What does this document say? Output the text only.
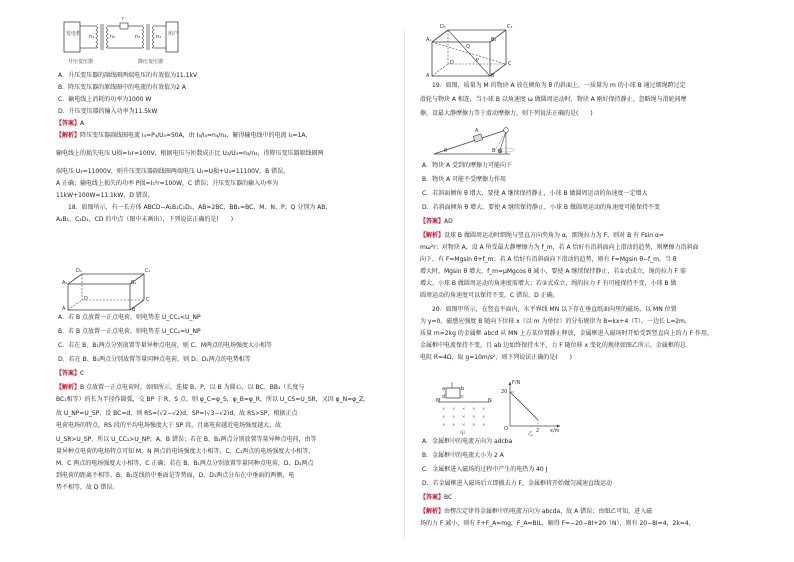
发电机 n₁	n₂
r
n₃	n₄ 用户
升压变压器	降压变压器
A．升压变压器的副线圈两端电压的有效值为11.1kV
B．降压变压器的原线圈中的电流的有效值为2 A
C．输电线上消耗的功率为1000 W
D．升压变压器的输入功率为11.5kW
【答案】A
【解析】降压变压器副线圈电流 I₄=P₄/U₄=50A，由 I₃/I₄=n₄/n₃，解得输电线中的电流 I₃=1A，
输电线上的损失电压 U损=I₃r=100V，根据电压与匝数成正比 U₃/U₄=n₃/n₄，得降压变压器原线圈两
端电压 U₃=11000V，则升压变压器副线圈两端电压 U₂=U损+U₃=11100V，B 错误，
A 正确；输电线上损失的功率 P损=I₃²r=100W，C 错误；升压变压器的输入功率为
11kW+100W=11.1kW，D 错误。
18．如图所示，有一长方体 ABCD−A₁B₁C₁D₁，AB=2BC，BB₁=BC，M、N、P、Q 分别为 AB、
A₁B₁、C₁D₁、CD 的中点（图中未画出），下列说法正确的是(　　)
A	B
C
D
A₁	B₁
C₁
D₁
A．若 B 点放置一正点电荷，则电势差 U_CC₁<U_NP
B．若 B 点放置一正点电荷，则电势差 U_CC₁=U_NP
C．若在 B、B₁两点分别放置等量异种点电荷，则 C、M两点的电场强度大小相等
D．若在 B、B₁两点分别放置等量同种点电荷，则 D、D₁两点的电势相等
【答案】C
【解析】B 点放置一正点电荷时，如图所示，连接 B、P，以 B 为圆心，以 BC、BB₁（长度与
BC₁相等）的长为半径作圆弧，交 BP 于 R，S 点，则 φ_C=φ_S，φ_B=φ_R，所以 U_CS=U_SR，又因 φ_N=φ_Z，
故 U_NP=U_SP，设 BC=d，则 RS=(√2−√2)d，SP=(√3−√2)d，故 RS>SP，根据正点
电荷电场的特点，RS 段的平均电场强度大于 SP 段，且离电荷越近电场强度越大，故
U_SR>U_SP，所以 U_CC₁>U_NP，A、B 错误；若在 B、B₁两点分别放置等量异种点电荷，由等
量异种点电荷的电场特点可知 M、N 两点的电场强度大小相等，C、C₁两点的电场强度大小相等，
M、C 两点的电场强度大小相等，C 正确；若在 B、B₁两点分别放置等量同种点电荷，D、D₁两点
到电荷的距离不相等，B、B₁连线的中垂面是等势面，D、D₁两点分布在中垂面的两侧，电
势不相等，故 D 错误。
D₁	C₁
A₁	B₁
D	C
A	B
Q
P
19．如图，质量为 M 的物块 A 放在倾角为 θ 的斜面上，一质量为 m 的小球 B 通过细绳跨过定
滑轮与物块 A 相连，当小球 B 以角速度 ω 做圆周运动时，物块 A 刚好保持静止。忽略绳与滑轮间摩
擦，设最大静摩擦力等于滑动摩擦力，则下列说法正确的是(　　)
A
B
θ
A．物块 A 受到的摩擦力可能向下
B．物块 A 可能不受摩擦力作用
C．若斜面倾角 θ 增大，要使 A 继续保持静止，小球 B 做圆周运动的角速度一定增大
D．若斜面倾角 θ 增大，要使 A 继续保持静止，小球 B 做圆周运动的角速度可能保持不变
【答案】AD
【解析】设球 B 做圆周运动时细绳与竖直方向夹角为 α，细绳拉力为 F，则对 B 有 Fsin α=
mω²r；对物块 A，设 A 所受最大静摩擦力为 f_m，若 A 恰好有沿斜面向上滑动的趋势，则摩擦力沿斜面
向下，有 F=Mgsin θ+f_m；若 A 恰好有沿斜面向下滑动的趋势，则有 F=Mgsin θ−f_m，当 θ
增大时，Mgsin θ 增大，f_m=μMgcos θ 减小，要使 A 继续保持静止，若①式成立，绳的拉力 F 需
增大，小球 B 做圆周运动的角速度需增大；若②式成立，绳的拉力 F 有可能保持不变，小球 B 做
圆周运动的角速度可以保持不变，C 错误，D 正确。
20．如图甲所示，在竖直平面内，水平界线 MN 以下存在垂直纸面向里的磁场，以 MN 位置
为 y=0，磁感应强度 B 随向下位移 x（以 m 为单位）的分布规律为 B=kx+4（T）。一边长 L=2m，
质量 m=2kg 的金属框 abcd 从 MN 上方某位置静止释放，金属框进入磁场时开始受到竖直向上的力 F 作用，
金属框中电流保持不变，且 ab 边始终保持水平，力 F 随位移 x 变化的规律如图乙所示，金属框的总
电阻 R=4Ω，取 g=10m/s²，则下列说法正确的是(　　)
× × × × ×
× × × × ×
× × × × ×
a	b
c
d
M	N
甲
F/N
x/m
20
2
O
乙
A．金属框中的电流方向为 adcba
B．金属框中的电流大小为 2 A
C．金属框进入磁场的过程中产生的电热为 40 J
D．若金属框进入磁场后立即撤去力 F，金属框将开始做匀减速直线运动
【答案】BC
【解析】由楞次定律得金属框中的电流方向为 abcda，故 A 错误；由图乙可知，进入磁
场的力 F 减小，则有 F+F_A=mg，F_A=BIL，解得 F=−20−8I+20（N），则有 20−8I=4，2k=4，
